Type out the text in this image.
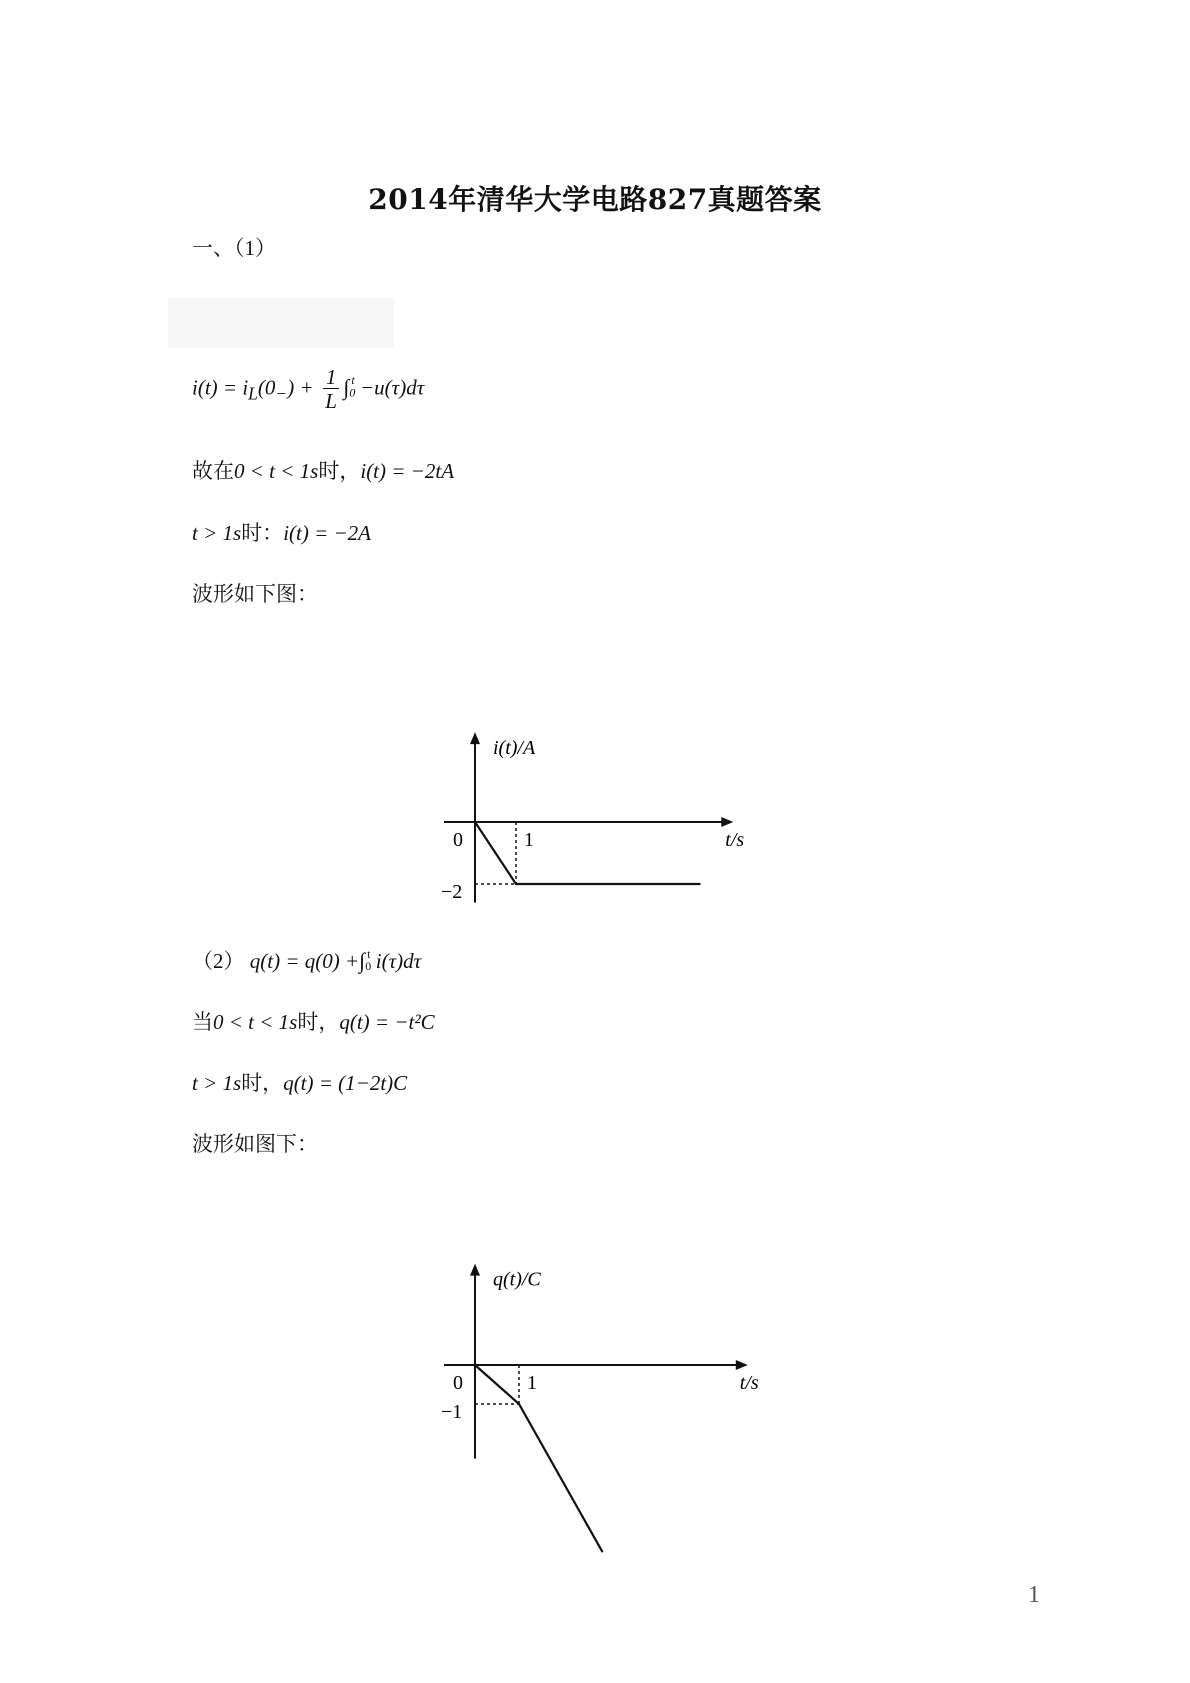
2014年清华大学电路827真题答案
一、（1）
$i(t) = i_L(0_-) + \frac{1}{L} \int 0^t -u(\tau)d\tau$
故在0 < t < 1s时，i(t) = −2tA
t > 1s时：i(t) = −2A
波形如下图：
i(t)/A
t/s
0	1
−2
（2） $q(t) = q(0) +\int 0^t$ i(τ)dτ
当0 < t < 1s时，q(t) = −t²C
t > 1s时，q(t) = (1−2t)C
波形如图下：
q(t)/C
t/s
0	1
−1
1
